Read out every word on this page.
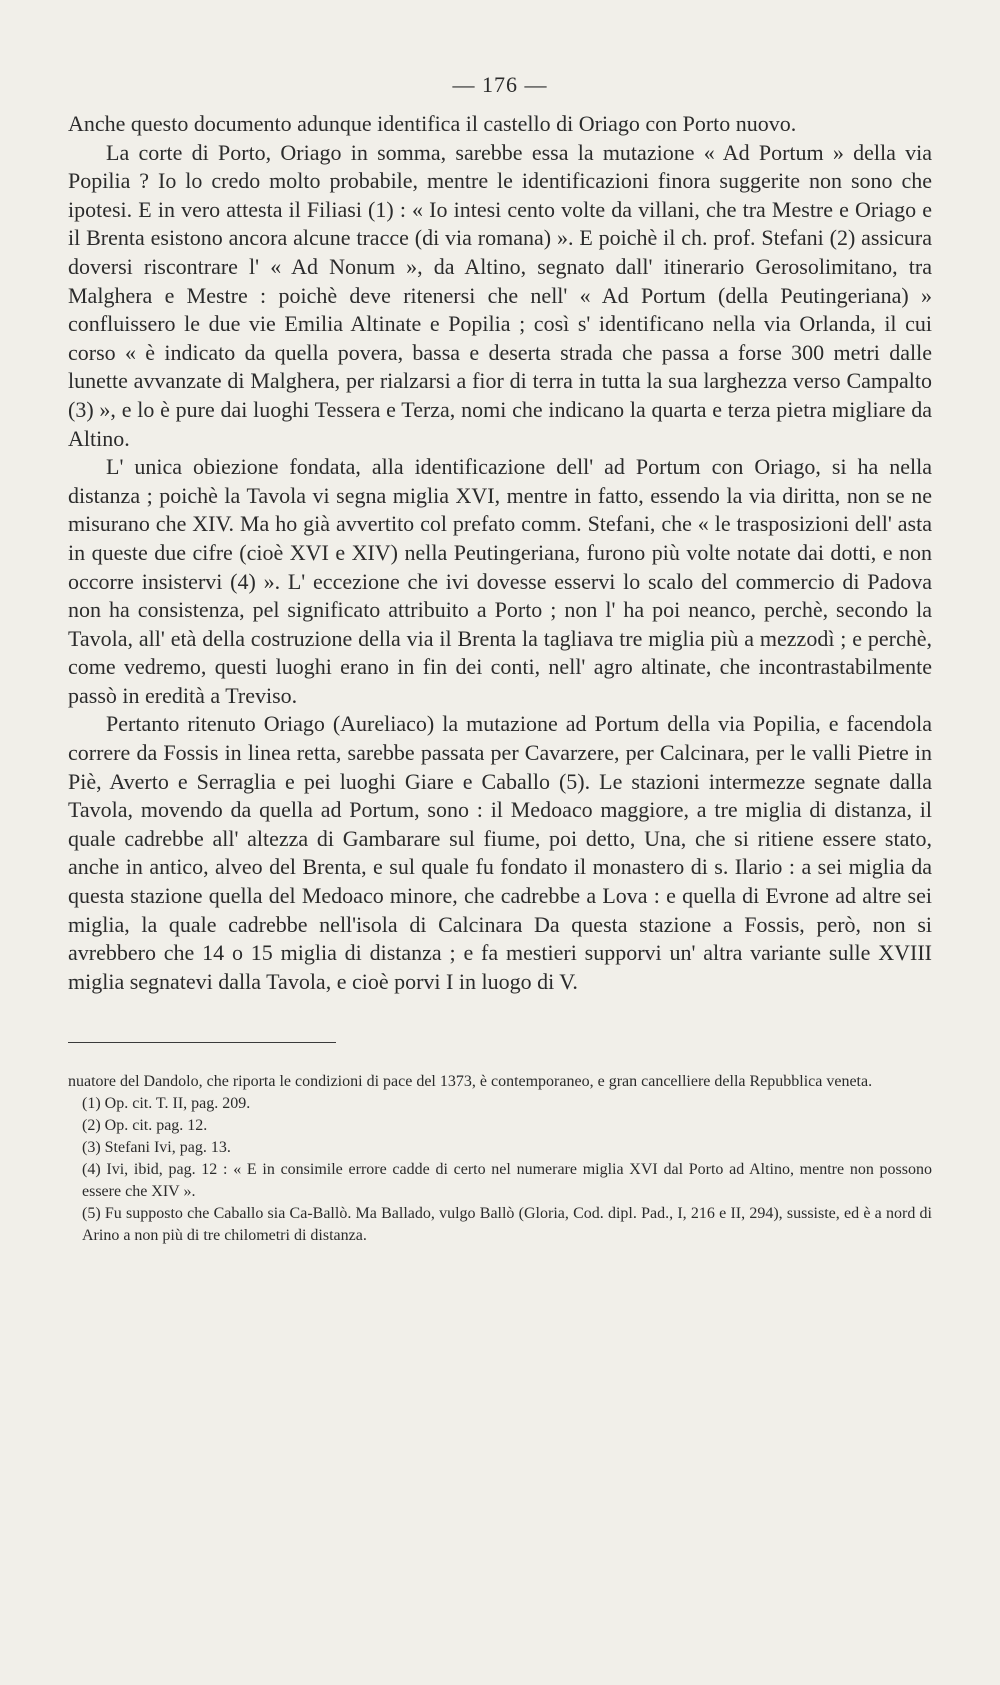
— 176 —

Anche questo documento adunque identifica il castello di Oriago con Porto nuovo.

La corte di Porto, Oriago in somma, sarebbe essa la mutazione « Ad Portum » della via Popilia ? Io lo credo molto probabile, mentre le identificazioni finora suggerite non sono che ipotesi. E in vero attesta il Filiasi (1) : « Io intesi cento volte da villani, che tra Mestre e Oriago e il Brenta esistono ancora alcune tracce (di via romana) ». E poichè il ch. prof. Stefani (2) assicura doversi riscontrare l' « Ad Nonum », da Altino, segnato dall' itinerario Gerosolimitano, tra Malghera e Mestre : poichè deve ritenersi che nell' « Ad Portum (della Peutingeriana) » confluissero le due vie Emilia Altinate e Popilia ; così s' identificano nella via Orlanda, il cui corso « è indicato da quella povera, bassa e deserta strada che passa a forse 300 metri dalle lunette avvanzate di Malghera, per rialzarsi a fior di terra in tutta la sua larghezza verso Campalto (3) », e lo è pure dai luoghi Tessera e Terza, nomi che indicano la quarta e terza pietra migliare da Altino.

L' unica obiezione fondata, alla identificazione dell' ad Portum con Oriago, si ha nella distanza ; poichè la Tavola vi segna miglia XVI, mentre in fatto, essendo la via diritta, non se ne misurano che XIV. Ma ho già avvertito col prefato comm. Stefani, che « le trasposizioni dell' asta in queste due cifre (cioè XVI e XIV) nella Peutingeriana, furono più volte notate dai dotti, e non occorre insistervi (4) ». L' eccezione che ivi dovesse esservi lo scalo del commercio di Padova non ha consistenza, pel significato attribuito a Porto ; non l' ha poi neanco, perchè, secondo la Tavola, all' età della costruzione della via il Brenta la tagliava tre miglia più a mezzodì ; e perchè, come vedremo, questi luoghi erano in fin dei conti, nell' agro altinate, che incontrastabilmente passò in eredità a Treviso.

Pertanto ritenuto Oriago (Aureliaco) la mutazione ad Portum della via Popilia, e facendola correre da Fossis in linea retta, sarebbe passata per Cavarzere, per Calcinara, per le valli Pietre in Piè, Averto e Serraglia e pei luoghi Giare e Caballo (5). Le stazioni intermezze segnate dalla Tavola, movendo da quella ad Portum, sono : il Medoaco maggiore, a tre miglia di distanza, il quale cadrebbe all' altezza di Gambarare sul fiume, poi detto, Una, che si ritiene essere stato, anche in antico, alveo del Brenta, e sul quale fu fondato il monastero di s. Ilario : a sei miglia da questa stazione quella del Medoaco minore, che cadrebbe a Lova : e quella di Evrone ad altre sei miglia, la quale cadrebbe nell'isola di Calcinara Da questa stazione a Fossis, però, non si avrebbero che 14 o 15 miglia di distanza ; e fa mestieri supporvi un' altra variante sulle XVIII miglia segnatevi dalla Tavola, e cioè porvi I in luogo di V.

nuatore del Dandolo, che riporta le condizioni di pace del 1373, è contemporaneo, e gran cancelliere della Repubblica veneta.

(1) Op. cit. T. II, pag. 209.

(2) Op. cit. pag. 12.

(3) Stefani Ivi, pag. 13.

(4) Ivi, ibid, pag. 12 : « E in consimile errore cadde di certo nel numerare miglia XVI dal Porto ad Altino, mentre non possono essere che XIV ».

(5) Fu supposto che Caballo sia Ca-Ballò. Ma Ballado, vulgo Ballò (Gloria, Cod. dipl. Pad., I, 216 e II, 294), sussiste, ed è a nord di Arino a non più di tre chilometri di distanza.
